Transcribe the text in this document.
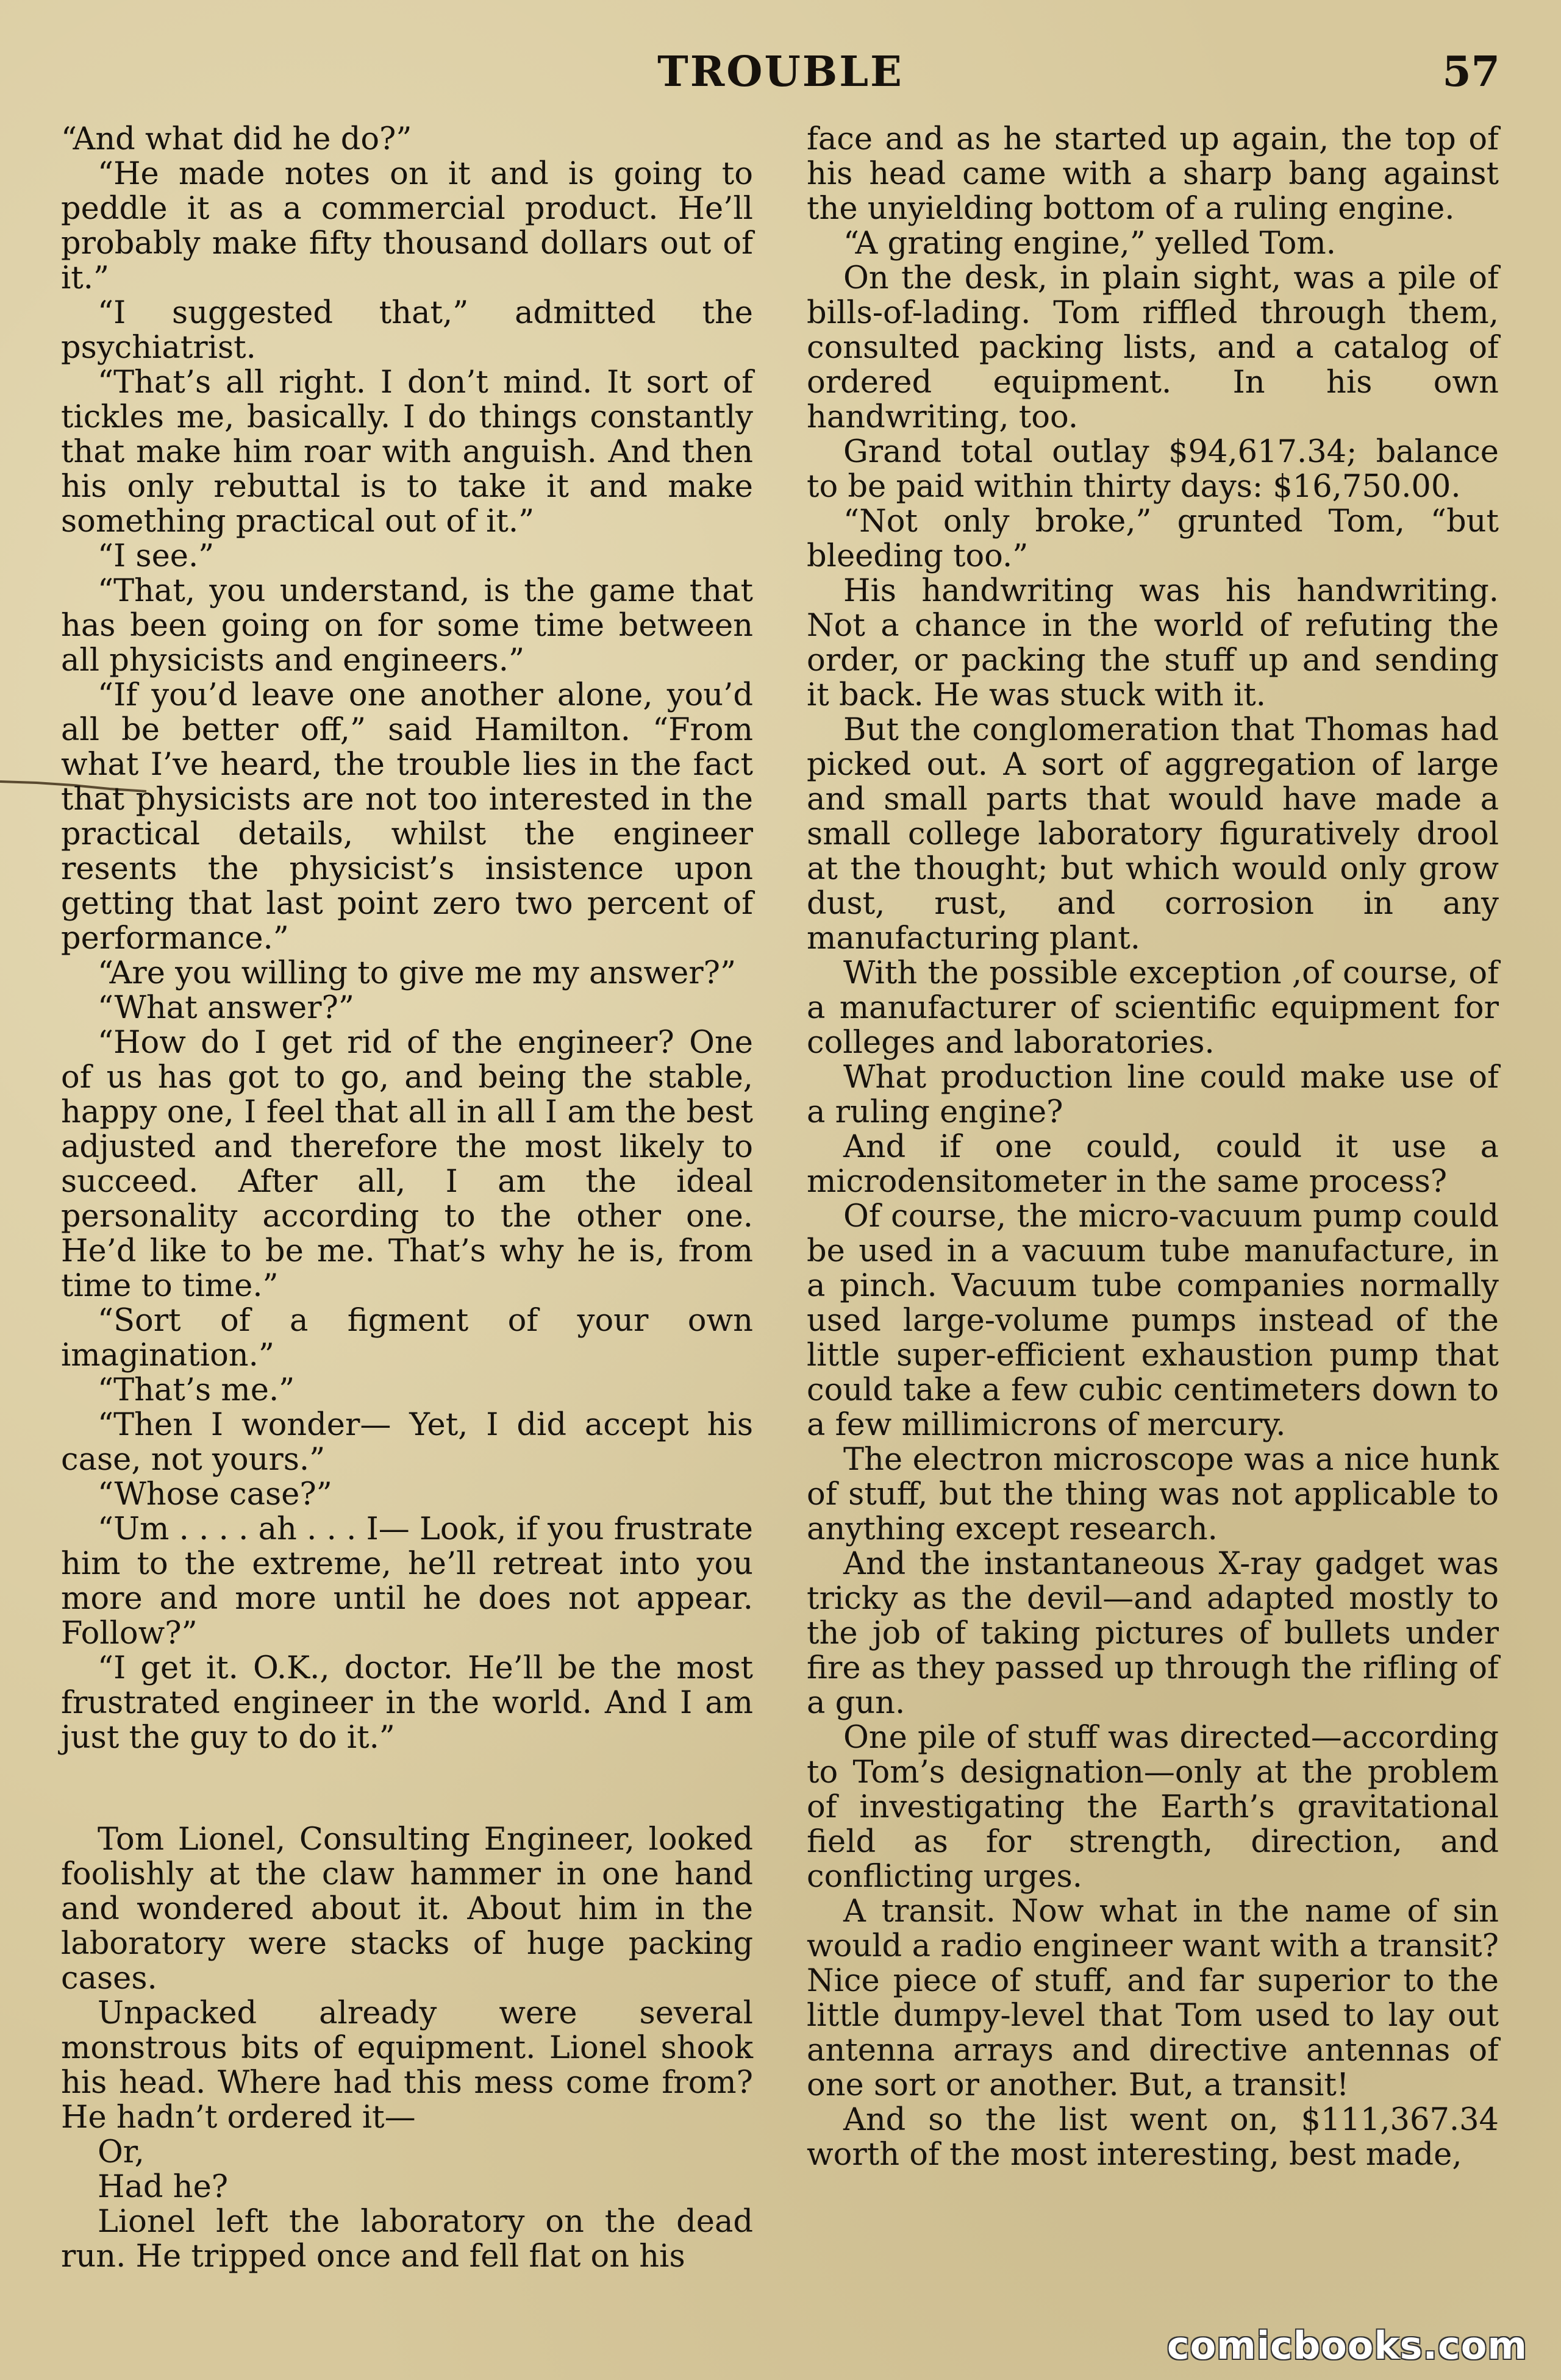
TROUBLE	57

“And what did he do?”

“He made notes on it and is going to peddle it as a commercial product. He’ll probably make fifty thousand dollars out of it.”

“I suggested that,” admitted the psychiatrist.

“That’s all right. I don’t mind. It sort of tickles me, basically. I do things constantly that make him roar with anguish. And then his only rebuttal is to take it and make something practical out of it.”

“I see.”

“That, you understand, is the game that has been going on for some time between all physicists and engineers.”

“If you’d leave one another alone, you’d all be better off,” said Hamilton. “From what I’ve heard, the trouble lies in the fact that physicists are not too interested in the practical details, whilst the engineer resents the physicist’s insistence upon getting that last point zero two percent of performance.”

“Are you willing to give me my answer?”

“What answer?”

“How do I get rid of the engineer? One of us has got to go, and being the stable, happy one, I feel that all in all I am the best adjusted and therefore the most likely to succeed. After all, I am the ideal personality according to the other one. He’d like to be me. That’s why he is, from time to time.”

“Sort of a figment of your own imagination.”

“That’s me.”

“Then I wonder— Yet, I did accept his case, not yours.”

“Whose case?”

“Um . . . . ah . . . I— Look, if you frustrate him to the extreme, he’ll retreat into you more and more until he does not appear. Follow?”

“I get it. O.K., doctor. He’ll be the most frustrated engineer in the world. And I am just the guy to do it.”

Tom Lionel, Consulting Engineer, looked foolishly at the claw hammer in one hand and wondered about it. About him in the laboratory were stacks of huge packing cases.

Unpacked already were several monstrous bits of equipment. Lionel shook his head. Where had this mess come from? He hadn’t ordered it—

Or,

Had he?

Lionel left the laboratory on the dead run. He tripped once and fell flat on his

face and as he started up again, the top of his head came with a sharp bang against the unyielding bottom of a ruling engine.

“A grating engine,” yelled Tom.

On the desk, in plain sight, was a pile of bills-of-lading. Tom riffled through them, consulted packing lists, and a catalog of ordered equipment. In his own handwriting, too.

Grand total outlay $94,617.34; balance to be paid within thirty days: $16,750.00.

“Not only broke,” grunted Tom, “but bleeding too.”

His handwriting was his handwriting. Not a chance in the world of refuting the order, or packing the stuff up and sending it back. He was stuck with it.

But the conglomeration that Thomas had picked out. A sort of aggregation of large and small parts that would have made a small college laboratory figuratively drool at the thought; but which would only grow dust, rust, and corrosion in any manufacturing plant.

With the possible exception ,of course, of a manufacturer of scientific equipment for colleges and laboratories.

What production line could make use of a ruling engine?

And if one could, could it use a microdensitometer in the same process?

Of course, the micro-vacuum pump could be used in a vacuum tube manufacture, in a pinch. Vacuum tube companies normally used large-volume pumps instead of the little super-efficient exhaustion pump that could take a few cubic centimeters down to a few millimicrons of mercury.

The electron microscope was a nice hunk of stuff, but the thing was not applicable to anything except research.

And the instantaneous X-ray gadget was tricky as the devil—and adapted mostly to the job of taking pictures of bullets under fire as they passed up through the rifling of a gun.

One pile of stuff was directed—according to Tom’s designation—only at the problem of investigating the Earth’s gravitational field as for strength, direction, and conflicting urges.

A transit. Now what in the name of sin would a radio engineer want with a transit? Nice piece of stuff, and far superior to the little dumpy-level that Tom used to lay out antenna arrays and directive antennas of one sort or another. But, a transit!

And so the list went on, $111,367.34 worth of the most interesting, best made,

comicbooks.com
